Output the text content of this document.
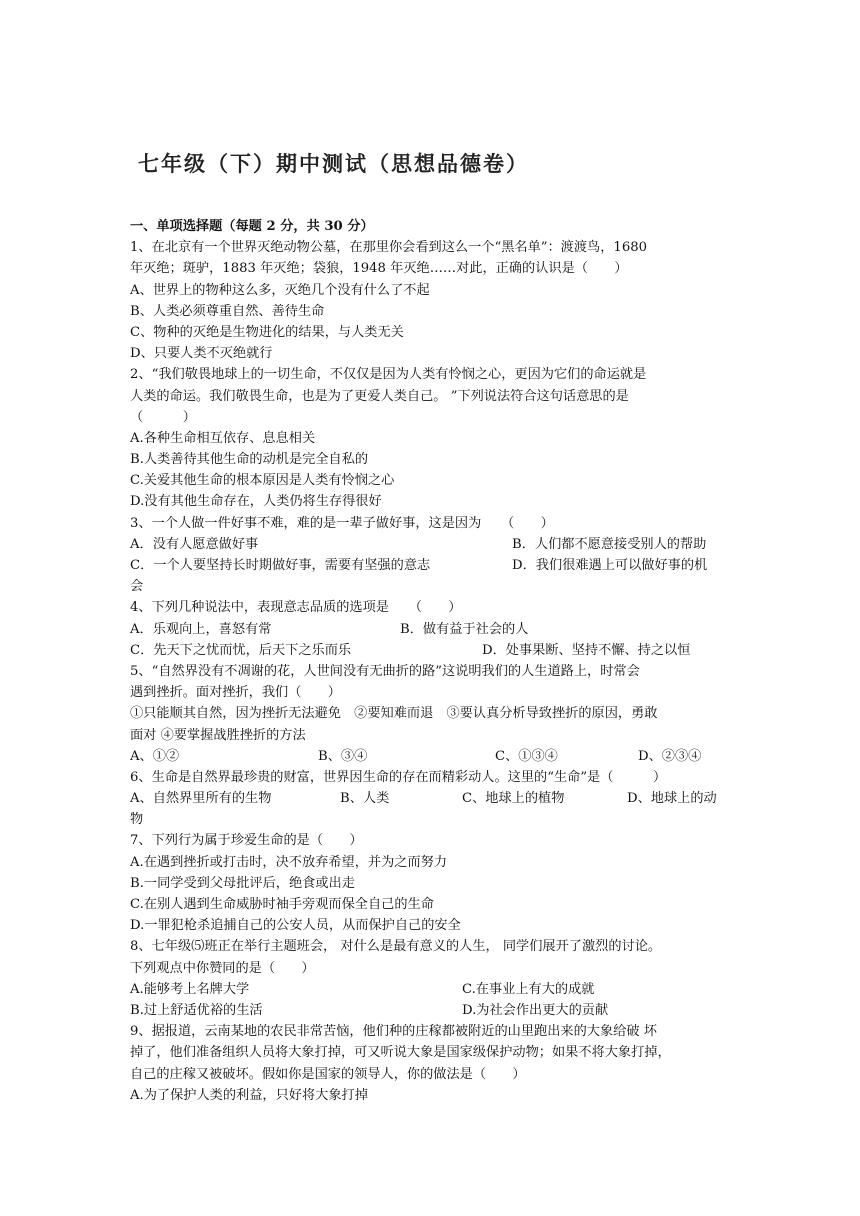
七年级（下）期中测试（思想品德卷）
一、单项选择题（每题 2 分，共 30 分）
1、在北京有一个世界灭绝动物公墓，在那里你会看到这么一个“黑名单”：渡渡鸟，1680
年灭绝；斑驴，1883 年灭绝；袋狼，1948 年灭绝……对此，正确的认识是（　　）
A、世界上的物种这么多，灭绝几个没有什么了不起
B、人类必须尊重自然、善待生命
C、物种的灭绝是生物进化的结果，与人类无关
D、只要人类不灭绝就行
2、“我们敬畏地球上的一切生命，不仅仅是因为人类有怜悯之心，更因为它们的命运就是
人类的命运。我们敬畏生命，也是为了更爱人类自己。 ”下列说法符合这句话意思的是
（　　　）
A.各种生命相互依存、息息相关
B.人类善待其他生命的动机是完全自私的
C.关爱其他生命的根本原因是人类有怜悯之心
D.没有其他生命存在，人类仍将生存得很好
3、一个人做一件好事不难，难的是一辈子做好事，这是因为　　（　　）
A．没有人愿意做好事	B．人们都不愿意接受别人的帮助
C．一个人要坚持长时期做好事，需要有坚强的意志	D．我们很难遇上可以做好事的机
会
4、下列几种说法中，表现意志品质的选项是　　（　　）
A．乐观向上，喜怒有常	B．做有益于社会的人
C．先天下之忧而忧，后天下之乐而乐	D．处事果断、坚持不懈、持之以恒
5、“自然界没有不凋谢的花，人世间没有无曲折的路”这说明我们的人生道路上，时常会
遇到挫折。面对挫折，我们（　　）
①只能顺其自然，因为挫折无法避免　②要知难而退　③要认真分析导致挫折的原因，勇敢
面对 ④要掌握战胜挫折的方法
A、①②	B、③④	C、①③④	D、②③④
6、生命是自然界最珍贵的财富，世界因生命的存在而精彩动人。这里的“生命”是（　　　）
A、自然界里所有的生物	B、人类	C、地球上的植物	D、地球上的动
物
7、下列行为属于珍爱生命的是（　　）
A.在遇到挫折或打击时，决不放弃希望，并为之而努力
B.一同学受到父母批评后，绝食或出走
C.在别人遇到生命威胁时袖手旁观而保全自己的生命
D.一罪犯枪杀追捕自己的公安人员，从而保护自己的安全
8、七年级⑸班正在举行主题班会， 对什么是最有意义的人生， 同学们展开了激烈的讨论。
下列观点中你赞同的是（　　）
A.能够考上名牌大学	C.在事业上有大的成就
B.过上舒适优裕的生活	D.为社会作出更大的贡献
9、据报道，云南某地的农民非常苦恼，他们种的庄稼都被附近的山里跑出来的大象给破 坏
掉了，他们准备组织人员将大象打掉，可又听说大象是国家级保护动物；如果不将大象打掉，
自己的庄稼又被破坏。假如你是国家的领导人，你的做法是（　　）
A.为了保护人类的利益，只好将大象打掉
